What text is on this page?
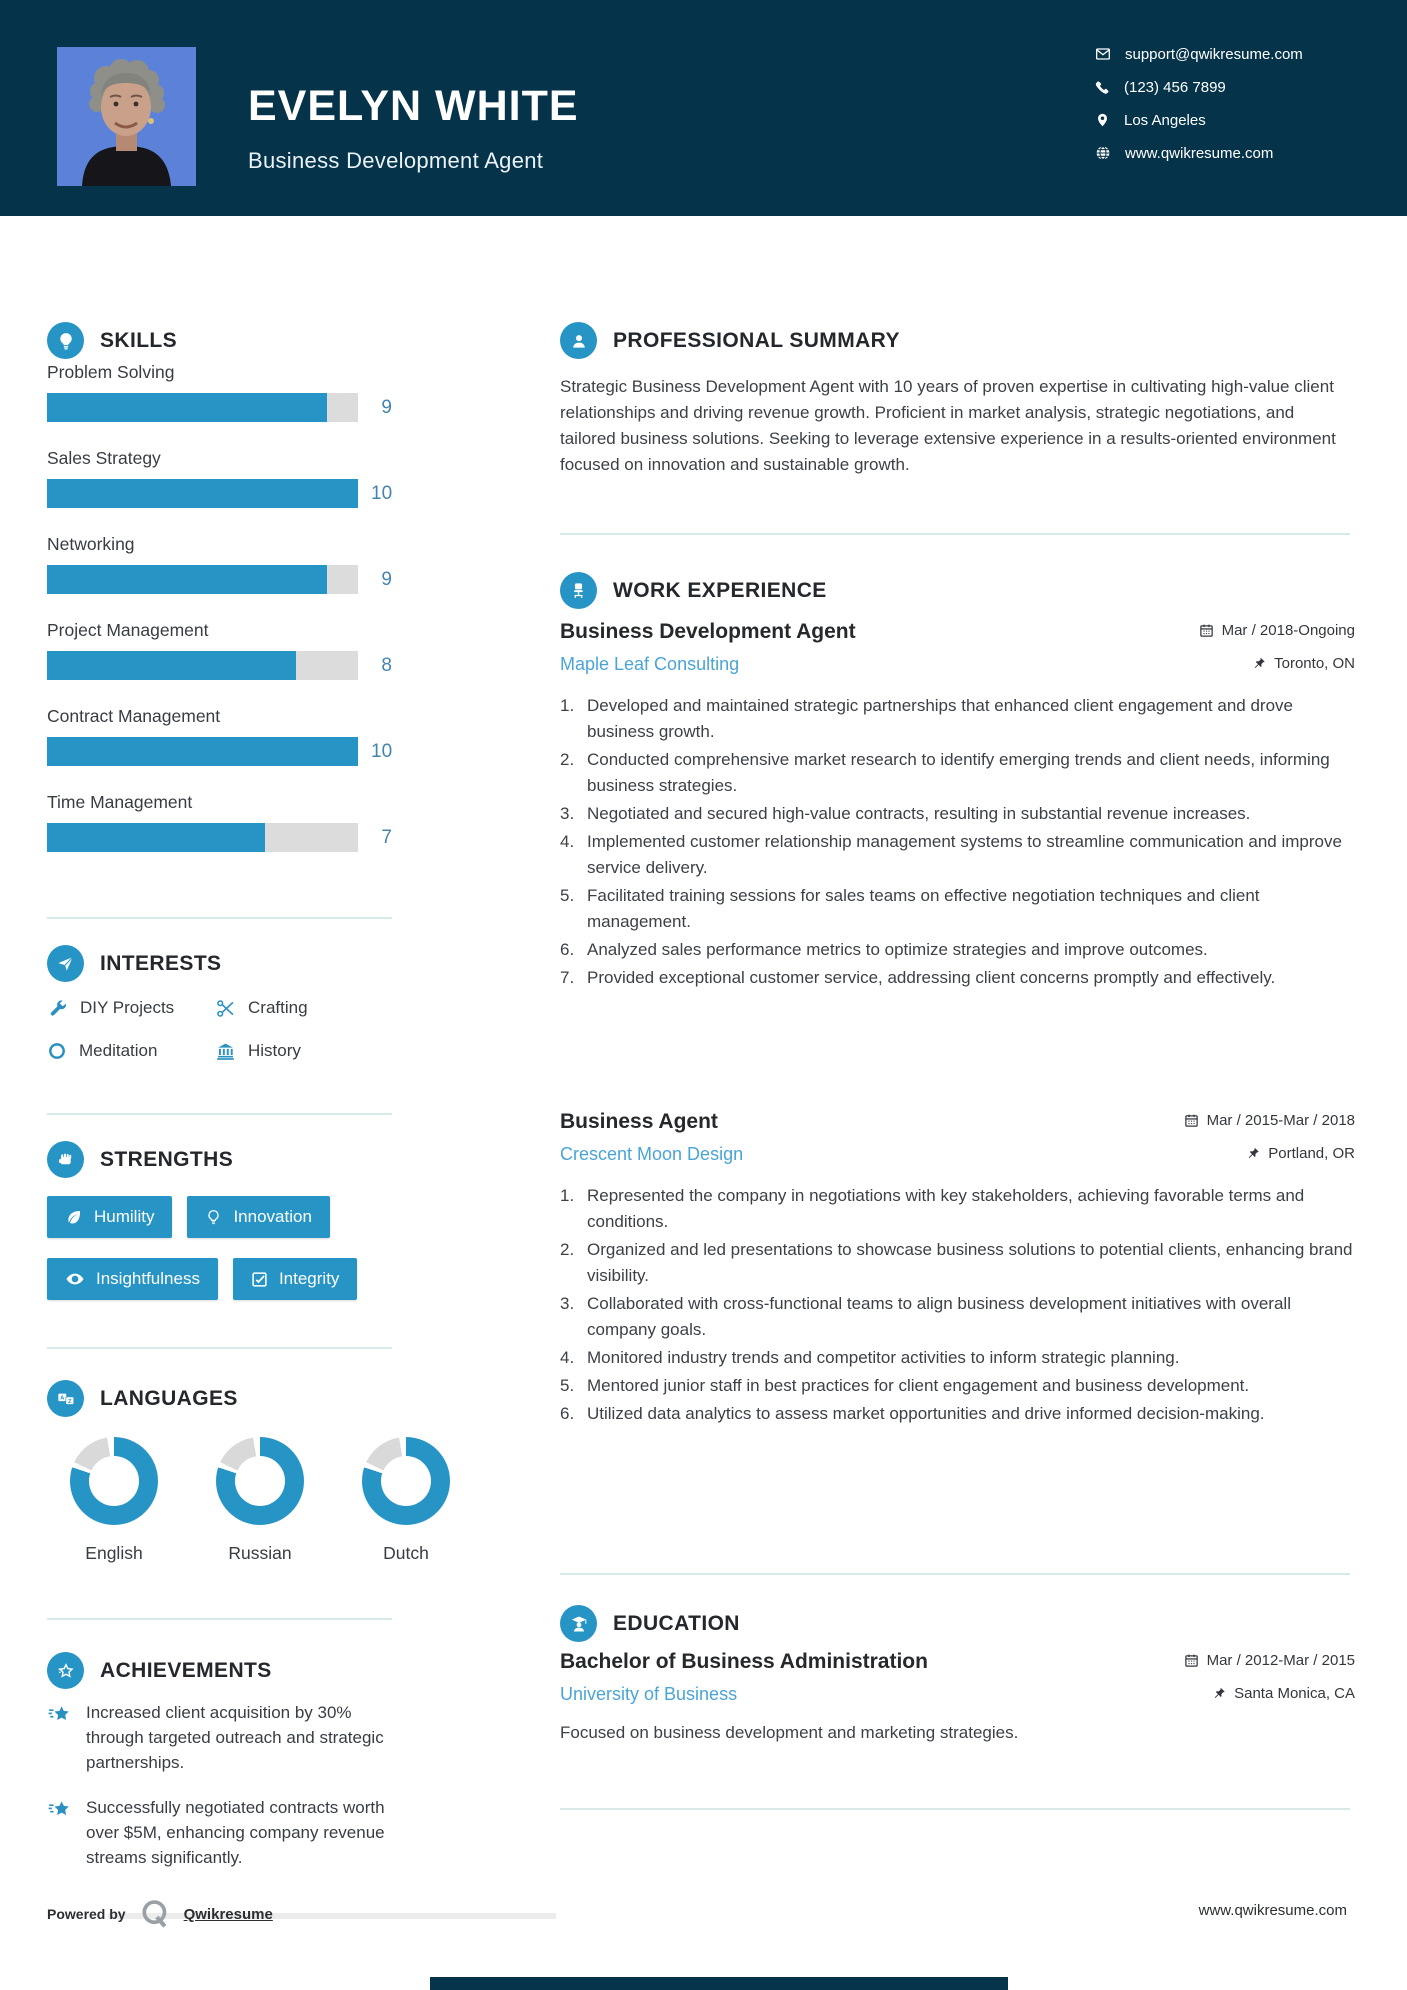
EVELYN WHITE
Business Development Agent
support@qwikresume.com
(123) 456 7899
Los Angeles
www.qwikresume.com
SKILLS
Problem Solving
9
Sales Strategy
10
Networking
9
Project Management
8
Contract Management
10
Time Management
7
INTERESTS
DIY Projects	Crafting
Meditation	History
STRENGTHS
Humility	Innovation
Insightfulness	Integrity
A
Z LANGUAGES
English	Russian	Dutch
ACHIEVEMENTS
Increased client acquisition by 30% through targeted outreach and strategic partnerships.
Successfully negotiated contracts worth over $5M, enhancing company revenue streams significantly.
PROFESSIONAL SUMMARY
Strategic Business Development Agent with 10 years of proven expertise in cultivating high-value client relationships and driving revenue growth. Proficient in market analysis, strategic negotiations, and tailored business solutions. Seeking to leverage extensive experience in a results-oriented environment focused on innovation and sustainable growth.
WORK EXPERIENCE
Business Development Agent	Mar / 2018-Ongoing
Maple Leaf Consulting	Toronto, ON
Developed and maintained strategic partnerships that enhanced client engagement and drove business growth.
Conducted comprehensive market research to identify emerging trends and client needs, informing business strategies.
Negotiated and secured high-value contracts, resulting in substantial revenue increases.
Implemented customer relationship management systems to streamline communication and improve service delivery.
Facilitated training sessions for sales teams on effective negotiation techniques and client management.
Analyzed sales performance metrics to optimize strategies and improve outcomes.
Provided exceptional customer service, addressing client concerns promptly and effectively.
Business Agent	Mar / 2015-Mar / 2018
Crescent Moon Design	Portland, OR
Represented the company in negotiations with key stakeholders, achieving favorable terms and conditions.
Organized and led presentations to showcase business solutions to potential clients, enhancing brand visibility.
Collaborated with cross-functional teams to align business development initiatives with overall company goals.
Monitored industry trends and competitor activities to inform strategic planning.
Mentored junior staff in best practices for client engagement and business development.
Utilized data analytics to assess market opportunities and drive informed decision-making.
EDUCATION
Bachelor of Business Administration	Mar / 2012-Mar / 2015
University of Business	Santa Monica, CA
Focused on business development and marketing strategies.
Powered by	Qwikresume	www.qwikresume.com
